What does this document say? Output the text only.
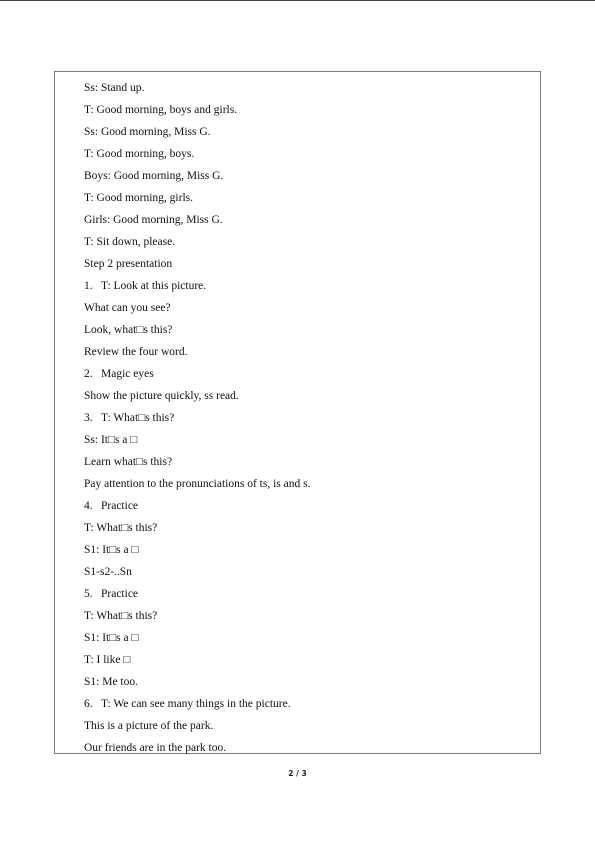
Ss: Stand up.
T: Good morning, boys and girls.
Ss: Good morning, Miss G.
T: Good morning, boys.
Boys: Good morning, Miss G.
T: Good morning, girls.
Girls: Good morning, Miss G.
T: Sit down, please.
Step 2 presentation
1. T: Look at this picture.
What can you see?
Look, what□s this?
Review the four word.
2. Magic eyes
Show the picture quickly, ss read.
3. T: What□s this?
Ss: It□s a □
Learn what□s this?
Pay attention to the pronunciations of ts, is and s.
4. Practice
T: What□s this?
S1: It□s a □
S1-s2-..Sn
5. Practice
T: What□s this?
S1: It□s a □
T: I like □
S1: Me too.
6. T: We can see many things in the picture.
This is a picture of the park.
Our friends are in the park too.
2 / 3
